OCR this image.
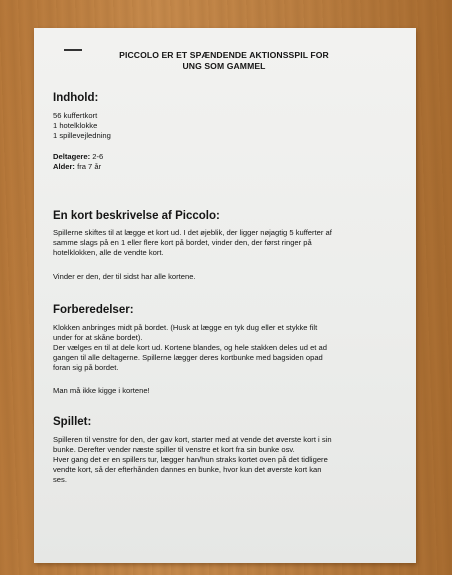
PICCOLO ER ET SPÆNDENDE AKTIONSSPIL FOR
UNG SOM GAMMEL
Indhold:
56 kuffertkort
1 hotelklokke
1 spillevejledning
Deltagere: 2-6
Alder: fra 7 år
En kort beskrivelse af Piccolo:
Spillerne skiftes til at lægge et kort ud. I det øjeblik, der ligger nøjagtig 5 kufferter af
samme slags på en 1 eller flere kort på bordet, vinder den, der først ringer på
hotelklokken, alle de vendte kort.
Vinder er den, der til sidst har alle kortene.
Forberedelser:
Klokken anbringes midt på bordet. (Husk at lægge en tyk dug eller et stykke filt
under for at skåne bordet).
Der vælges en til at dele kort ud. Kortene blandes, og hele stakken deles ud et ad
gangen til alle deltagerne. Spillerne lægger deres kortbunke med bagsiden opad
foran sig på bordet.
Man må ikke kigge i kortene!
Spillet:
Spilleren til venstre for den, der gav kort, starter med at vende det øverste kort i sin
bunke. Derefter vender næste spiller til venstre et kort fra sin bunke osv.
Hver gang det er en spillers tur, lægger han/hun straks kortet oven på det tidligere
vendte kort, så der efterhånden dannes en bunke, hvor kun det øverste kort kan
ses.
